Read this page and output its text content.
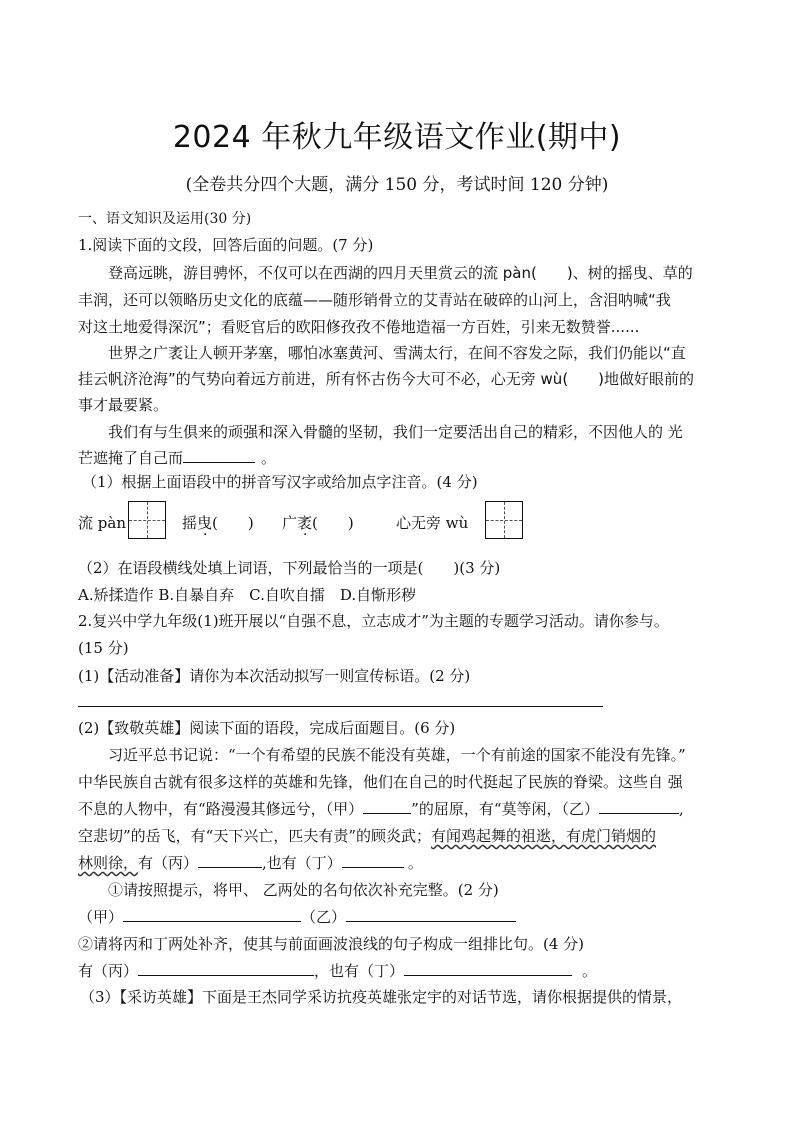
2024 年秋九年级语文作业(期中)
(全卷共分四个大题，满分 150 分，考试时间 120 分钟)
一、语文知识及运用(30 分)
1.阅读下面的文段，回答后面的问题。(7 分)
登高远眺，游目骋怀，不仅可以在西湖的四月天里赏云的流 pàn(　　)、树的摇曳、草的
丰润，还可以领略历史文化的底蕴——随形销骨立的艾青站在破碎的山河上，含泪呐喊“我
对这土地爱得深沉”；看贬官后的欧阳修孜孜不倦地造福一方百姓，引来无数赞誉......
世界之广袤让人顿开茅塞，哪怕冰塞黄河、雪满太行，在间不容发之际，我们仍能以“直
挂云帆济沧海”的气势向着远方前进，所有怀古伤今大可不必，心无旁 wù(　　)地做好眼前的
事才最要紧。
我们有与生俱来的顽强和深入骨髓的坚韧，我们一定要活出自己的精彩，不因他人的 光
芒遮掩了自己而	。
（1）根据上面语段中的拼音写汉字或给加点字注音。(4 分)
流 pàn	摇曳(　　) 广袤(　　)	心无旁 wù
（2）在语段横线处填上词语，下列最恰当的一项是(　　)(3 分)
A.矫揉造作 B.自暴自弃　C.自吹自擂　D.自惭形秽
2.复兴中学九年级(1)班开展以“自强不息，立志成才”为主题的专题学习活动。请你参与。
(15 分)
(1)【活动准备】请你为本次活动拟写一则宣传标语。(2 分)
(2)【致敬英雄】阅读下面的语段，完成后面题目。(6 分)
习近平总书记说：“一个有希望的民族不能没有英雄，一个有前途的国家不能没有先锋。”
中华民族自古就有很多这样的英雄和先锋，他们在自己的时代挺起了民族的脊梁。这些自 强
不息的人物中，有“路漫漫其修远兮，（甲）	”的屈原，有“莫等闲，（乙）	,
空悲切”的岳飞，有“天下兴亡，匹夫有责”的顾炎武；有闻鸡起舞的祖逖，有虎门销烟的
林则徐，有（丙）	,也有（丁）	。
①请按照提示，将甲、 乙两处的名句依次补充完整。(2 分)
（甲）	（乙）
②请将丙和丁两处补齐，使其与前面画波浪线的句子构成一组排比句。(4 分)
有（丙）	，也有（丁）	。
（3）【采访英雄】下面是王杰同学采访抗疫英雄张定宇的对话节选，请你根据提供的情景，
